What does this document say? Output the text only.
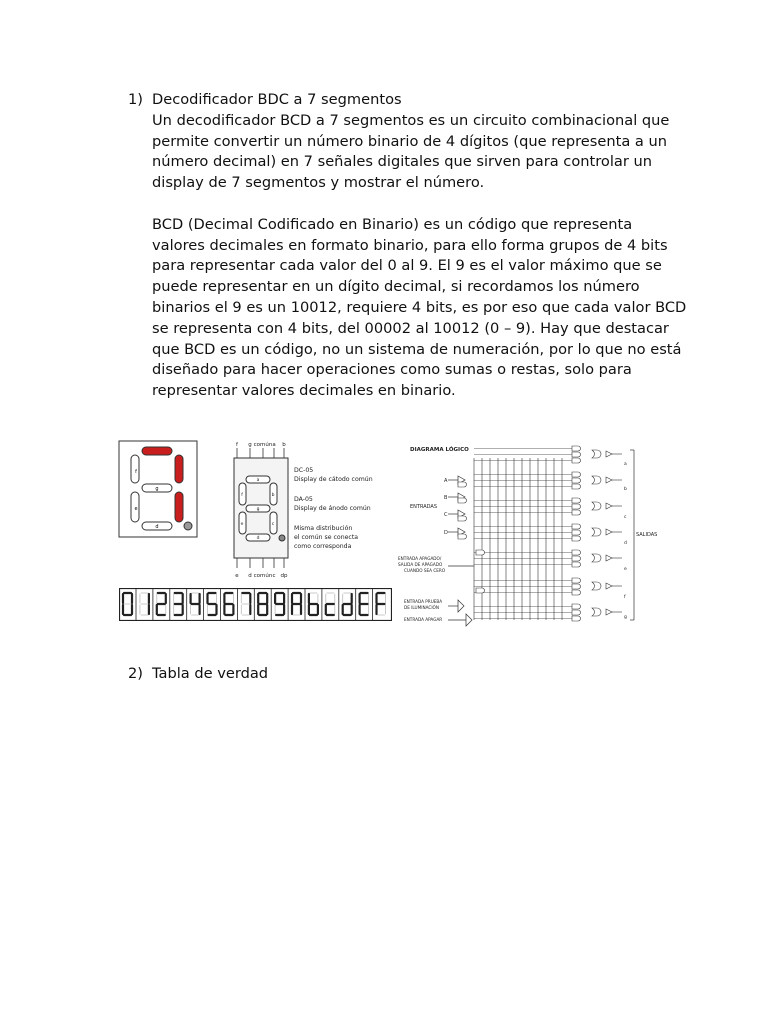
1) Decodificador BDC a 7 segmentos

Un decodificador BCD a 7 segmentos es un circuito combinacional que permite convertir un número binario de 4 dígitos (que representa a un número decimal) en 7 señales digitales que sirven para controlar un display de 7 segmentos y mostrar el número.

BCD (Decimal Codificado en Binario) es un código que representa valores decimales en formato binario, para ello forma grupos de 4 bits para representar cada valor del 0 al 9. El 9 es el valor máximo que se puede representar en un dígito decimal, si recordamos los número binarios el 9 es un 10012, requiere 4 bits, es por eso que cada valor BCD se representa con 4 bits, del 00002 al 10012 (0 – 9). Hay que destacar que BCD es un código, no un sistema de numeración, por lo que no está diseñado para hacer operaciones como sumas o restas, solo para representar valores decimales en binario.

f
g
e
d
f g común a b
a
b
c
d
e
f
g
e d común c dp
DC-05
Display de cátodo común
DA-05
Display de ánodo común
Misma distribución
el común se conecta
como corresponda
DIAGRAMA LÓGICO
ENTRADAS
A
B
C
D
ENTRADA APAGADO/
SALIDA DE APAGADO
CUANDO SEA CERO
ENTRADA PRUEBA
DE ILUMINACIÓN
ENTRADA APAGAR
SALIDAS
a
b
c
d
e
f
g
2) Tabla de verdad
